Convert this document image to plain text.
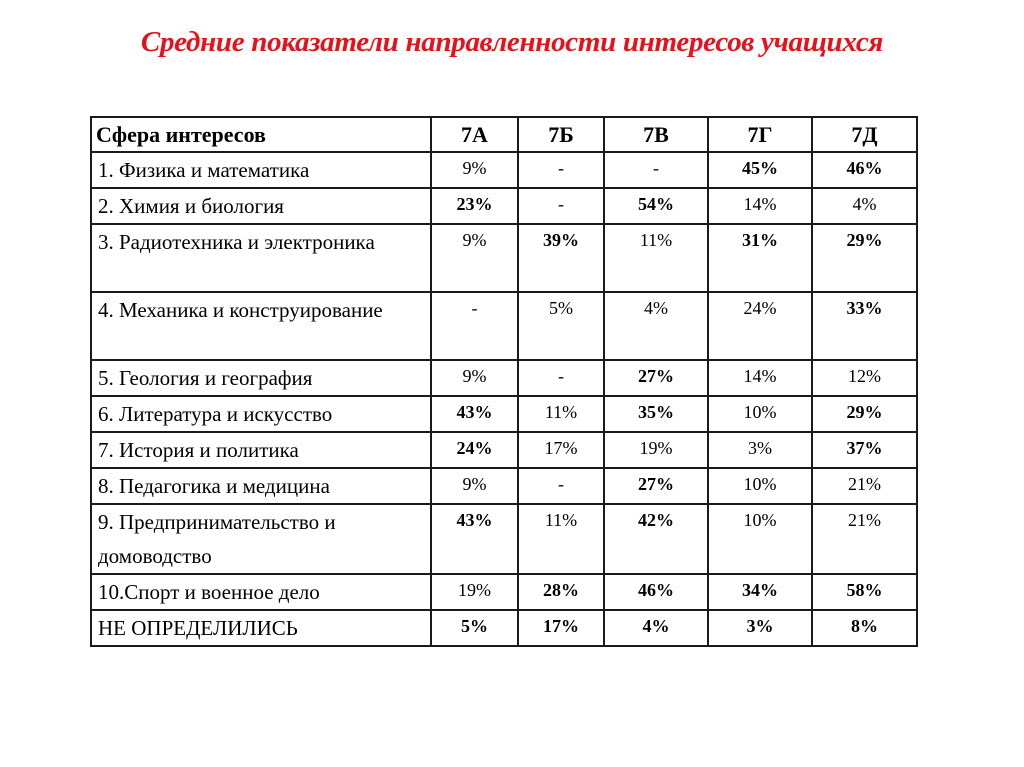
Средние показатели направленности интересов учащихся
Сфера интересов	7А	7Б	7В	7Г	7Д
1. Физика и математика	9%	-	-	45%	46%
2. Химия и биология	23%	-	54%	14%	4%
3. Радиотехника и электроника	9%	39%	11%	31%	29%
4. Механика и конструирование	-	5%	4%	24%	33%
5. Геология и география	9%	-	27%	14%	12%
6. Литература и искусство	43%	11%	35%	10%	29%
7. История и политика	24%	17%	19%	3%	37%
8. Педагогика и медицина	9%	-	27%	10%	21%
9. Предпринимательство и домоводство	43%	11%	42%	10%	21%
10.Спорт и военное дело	19%	28%	46%	34%	58%
НЕ ОПРЕДЕЛИЛИСЬ	5%	17%	4%	3%	8%
